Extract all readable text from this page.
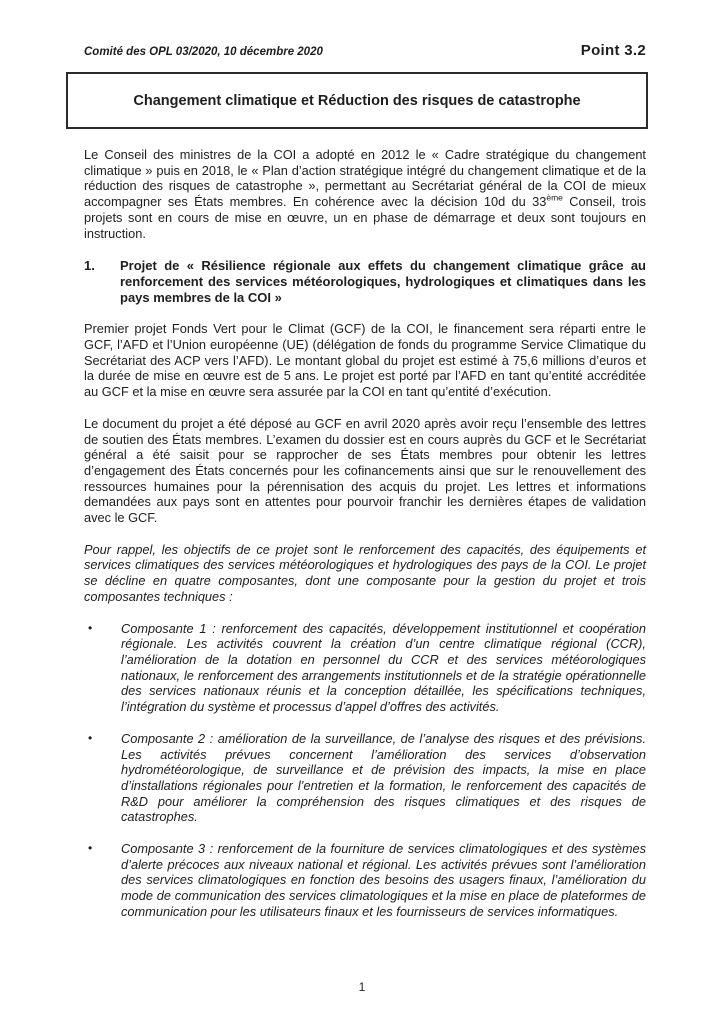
Comité des OPL 03/2020, 10 décembre 2020	Point 3.2
Changement climatique et Réduction des risques de catastrophe

Le Conseil des ministres de la COI a adopté en 2012 le « Cadre stratégique du changement climatique » puis en 2018, le « Plan d’action stratégique intégré du changement climatique et de la réduction des risques de catastrophe », permettant au Secrétariat général de la COI de mieux accompagner ses États membres. En cohérence avec la décision 10d du 33ème Conseil, trois projets sont en cours de mise en œuvre, un en phase de démarrage et deux sont toujours en instruction.

1.	Projet de « Résilience régionale aux effets du changement climatique grâce au renforcement des services météorologiques, hydrologiques et climatiques dans les pays membres de la COI »

Premier projet Fonds Vert pour le Climat (GCF) de la COI, le financement sera réparti entre le GCF, l’AFD et l’Union européenne (UE) (délégation de fonds du programme Service Climatique du Secrétariat des ACP vers l’AFD). Le montant global du projet est estimé à 75,6 millions d’euros et la durée de mise en œuvre est de 5 ans. Le projet est porté par l’AFD en tant qu’entité accréditée au GCF et la mise en œuvre sera assurée par la COI en tant qu’entité d’exécution.

Le document du projet a été déposé au GCF en avril 2020 après avoir reçu l’ensemble des lettres de soutien des États membres. L’examen du dossier est en cours auprès du GCF et le Secrétariat général a été saisit pour se rapprocher de ses États membres pour obtenir les lettres d’engagement des États concernés pour les cofinancements ainsi que sur le renouvellement des ressources humaines pour la pérennisation des acquis du projet. Les lettres et informations demandées aux pays sont en attentes pour pourvoir franchir les dernières étapes de validation avec le GCF.

Pour rappel, les objectifs de ce projet sont le renforcement des capacités, des équipements et services climatiques des services météorologiques et hydrologiques des pays de la COI. Le projet se décline en quatre composantes, dont une composante pour la gestion du projet et trois composantes techniques :

•	Composante 1 : renforcement des capacités, développement institutionnel et coopération régionale. Les activités couvrent la création d’un centre climatique régional (CCR), l’amélioration de la dotation en personnel du CCR et des services météorologiques nationaux, le renforcement des arrangements institutionnels et de la stratégie opérationnelle des services nationaux réunis et la conception détaillée, les spécifications techniques, l’intégration du système et processus d’appel d’offres des activités.
•	Composante 2 : amélioration de la surveillance, de l’analyse des risques et des prévisions. Les activités prévues concernent l’amélioration des services d’observation hydrométéorologique, de surveillance et de prévision des impacts, la mise en place d’installations régionales pour l’entretien et la formation, le renforcement des capacités de R&D pour améliorer la compréhension des risques climatiques et des risques de catastrophes.
•	Composante 3 : renforcement de la fourniture de services climatologiques et des systèmes d’alerte précoces aux niveaux national et régional. Les activités prévues sont l’amélioration des services climatologiques en fonction des besoins des usagers finaux, l’amélioration du mode de communication des services climatologiques et la mise en place de plateformes de communication pour les utilisateurs finaux et les fournisseurs de services informatiques.
1
